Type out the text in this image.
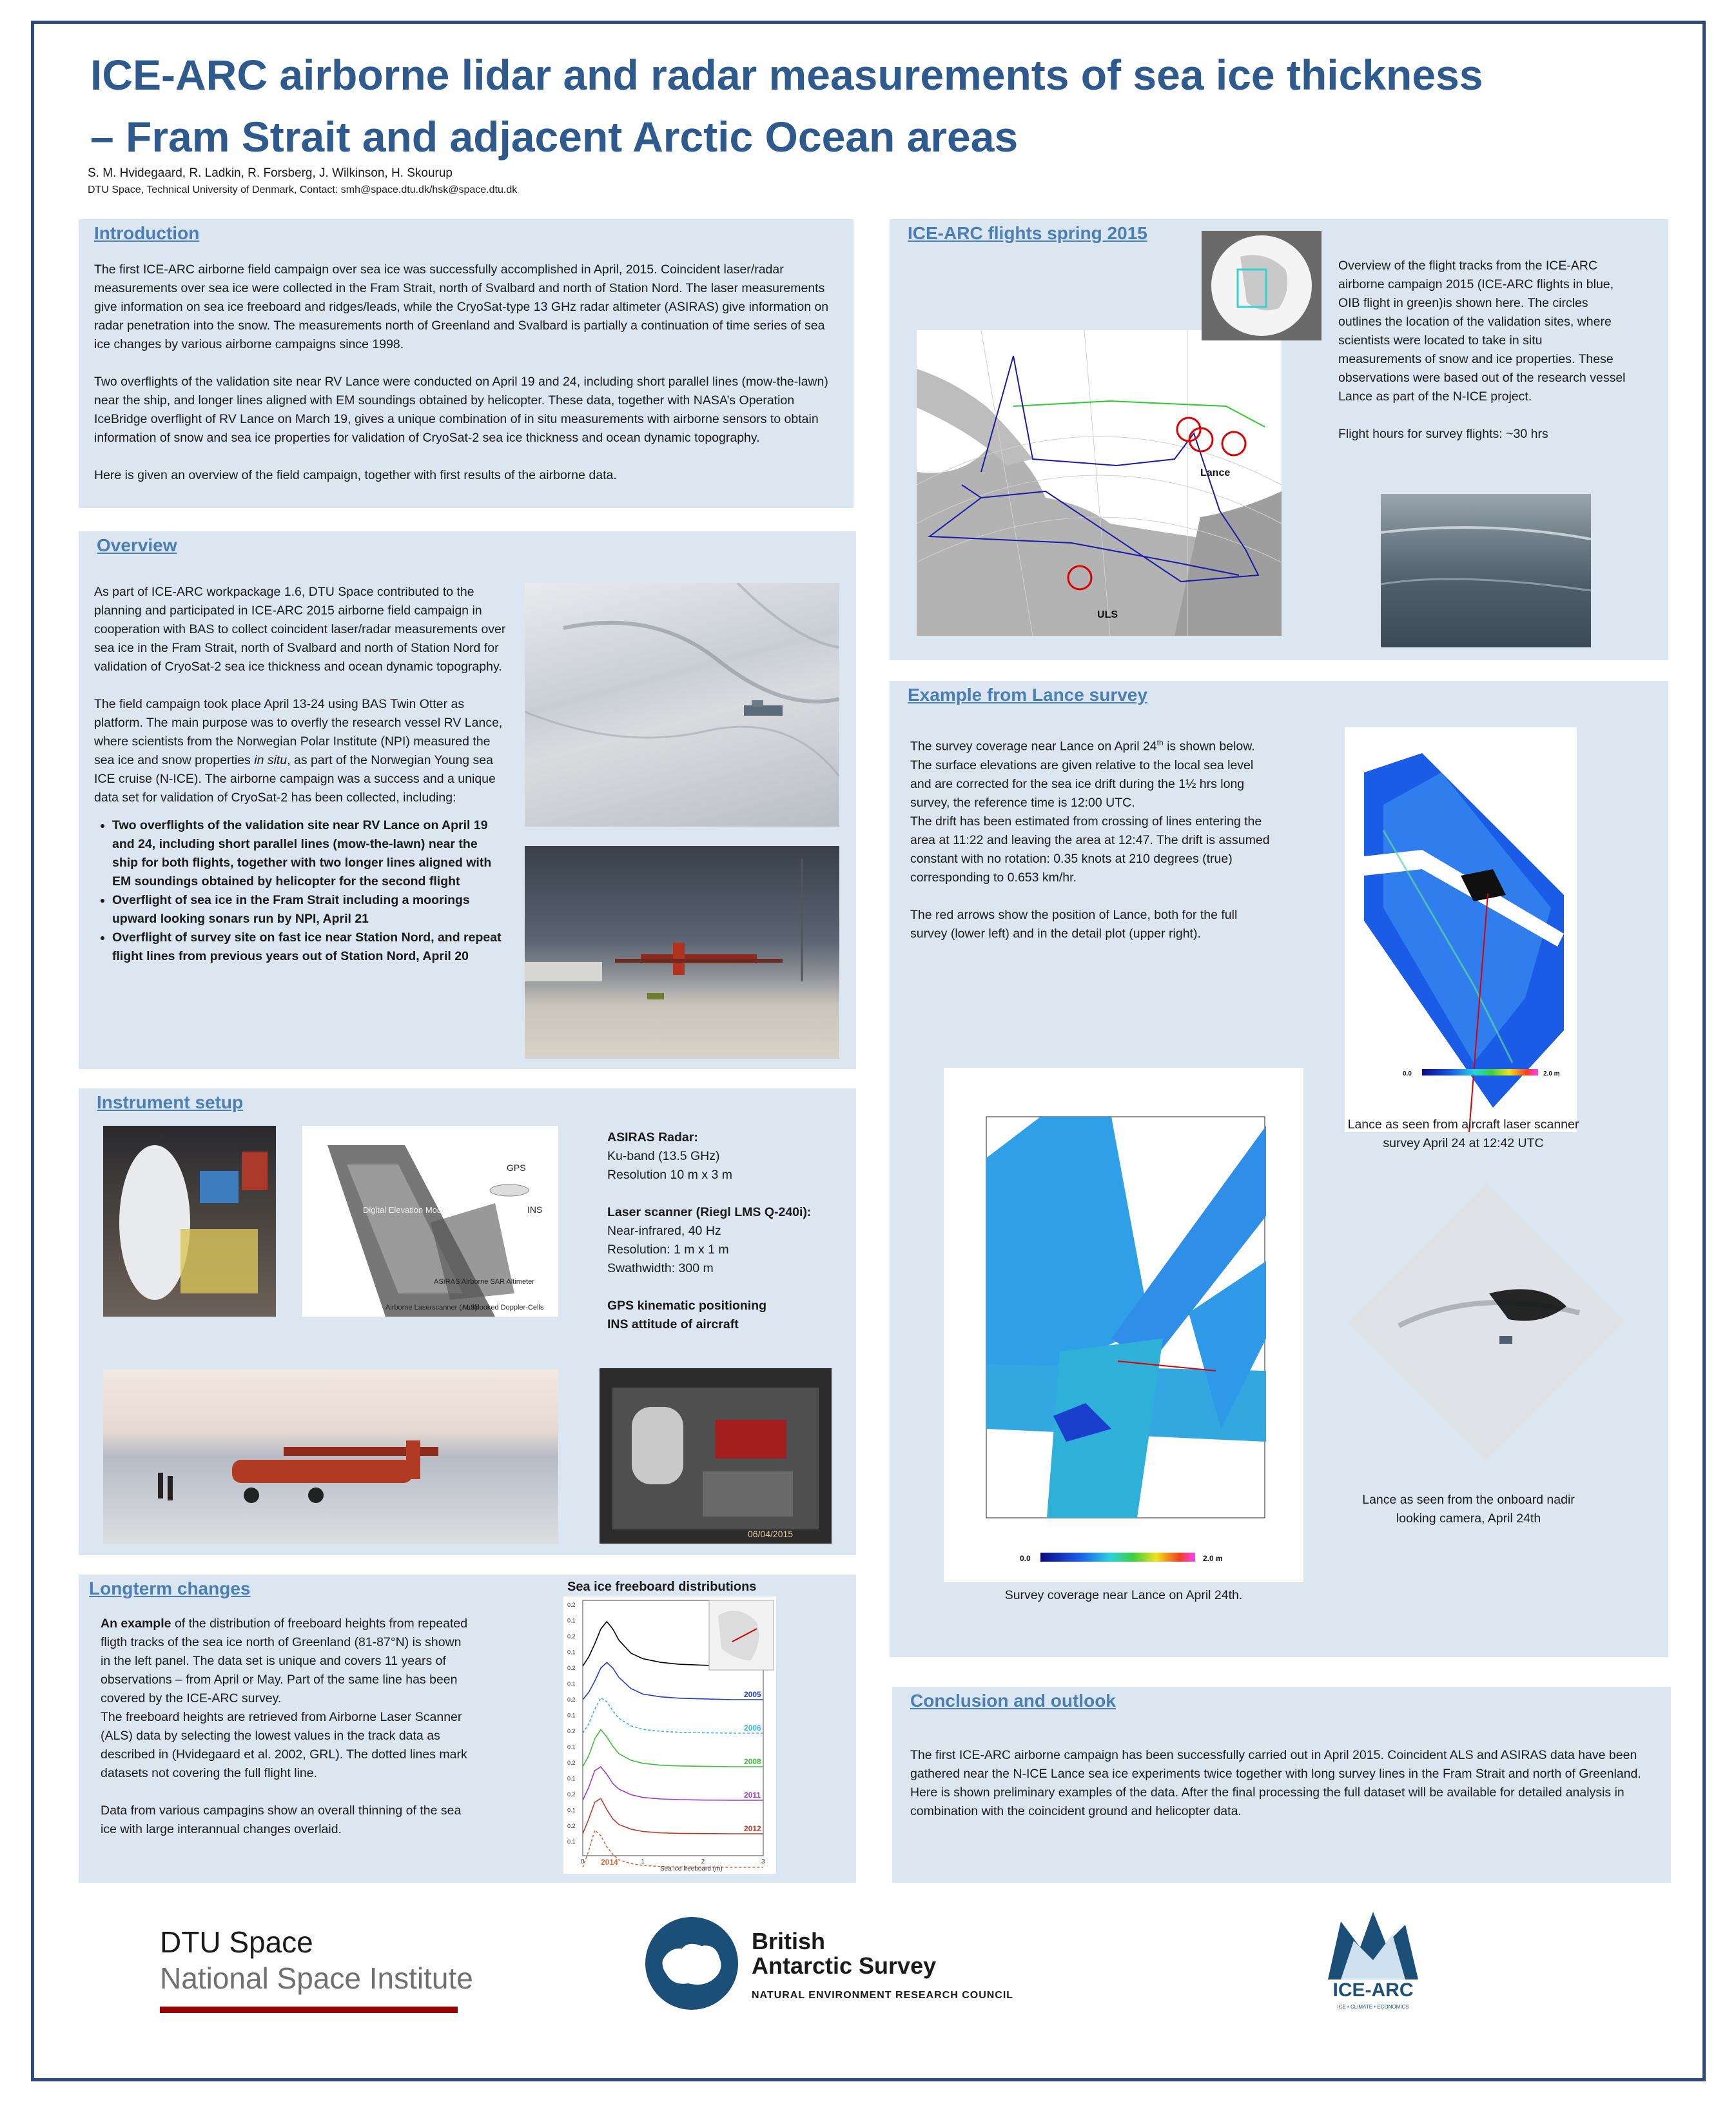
ICE-ARC airborne lidar and radar measurements of sea ice thickness
– Fram Strait and adjacent Arctic Ocean areas
S. M. Hvidegaard, R. Ladkin, R. Forsberg, J. Wilkinson, H. Skourup
DTU Space, Technical University of Denmark, Contact: smh@space.dtu.dk/hsk@space.dtu.dk
Introduction

The first ICE-ARC airborne field campaign over sea ice was successfully accomplished in April, 2015. Coincident laser/radar measurements over sea ice were collected in the Fram Strait, north of Svalbard and north of Station Nord. The laser measurements give information on sea ice freeboard and ridges/leads, while the CryoSat-type 13 GHz radar altimeter (ASIRAS) give information on radar penetration into the snow. The measurements north of Greenland and Svalbard is partially a continuation of time series of sea ice changes by various airborne campaigns since 1998.

Two overflights of the validation site near RV Lance were conducted on April 19 and 24, including short parallel lines (mow-the-lawn) near the ship, and longer lines aligned with EM soundings obtained by helicopter. These data, together with NASA’s Operation IceBridge overflight of RV Lance on March 19, gives a unique combination of in situ measurements with airborne sensors to obtain information of snow and sea ice properties for validation of CryoSat-2 sea ice thickness and ocean dynamic topography.

Here is given an overview of the field campaign, together with first results of the airborne data.

Overview

As part of ICE-ARC workpackage 1.6, DTU Space contributed to the planning and participated in ICE-ARC 2015 airborne field campaign in cooperation with BAS to collect coincident laser/radar measurements over sea ice in the Fram Strait, north of Svalbard and north of Station Nord for validation of CryoSat-2 sea ice thickness and ocean dynamic topography.

The field campaign took place April 13-24 using BAS Twin Otter as platform. The main purpose was to overfly the research vessel RV Lance, where scientists from the Norwegian Polar Institute (NPI) measured the sea ice and snow properties in situ, as part of the Norwegian Young sea ICE cruise (N-ICE). The airborne campaign was a success and a unique data set for validation of CryoSat-2 has been collected, including:

• Two overflights of the validation site near RV Lance on April 19 and 24, including short parallel lines (mow-the-lawn) near the ship for both flights, together with two longer lines aligned with EM soundings obtained by helicopter for the second flight
• Overflight of sea ice in the Fram Strait including a moorings upward looking sonars run by NPI, April 21
• Overflight of survey site on fast ice near Station Nord, and repeat flight lines from previous years out of Station Nord, April 20
Instrument setup
GPS
INS
Digital Elevation Model
ASIRAS Airborne SAR Altimeter
Airborne Laserscanner (ALS)
Multilooked Doppler-Cells
ASIRAS Radar:
Ku-band (13.5 GHz)
Resolution 10 m x 3 m
Laser scanner (Riegl LMS Q-240i):
Near-infrared, 40 Hz
Resolution: 1 m x 1 m
Swathwidth: 300 m
GPS kinematic positioning
INS attitude of aircraft
06/04/2015
Longterm changes

An example of the distribution of freeboard heights from repeated fligth tracks of the sea ice north of Greenland (81-87°N) is shown in the left panel. The data set is unique and covers 11 years of observations – from April or May. Part of the same line has been covered by the ICE-ARC survey.

The freeboard heights are retrieved from Airborne Laser Scanner (ALS) data by selecting the lowest values in the track data as described in (Hvidegaard et al. 2002, GRL). The dotted lines mark datasets not covering the full flight line.

Data from various campagins show an overall thinning of the sea ice with large interannual changes overlaid.

Sea ice freeboard distributions
0.2
0.1
0.2
0.1
0.2
0.1
0.2
0.1
0.2
0.1
0.2
0.1
0.2
0.1
0.2
0.1
2005
2006
2008
2011
2012
2014
0	1	2	3
Sea ice freeboard (m)
ICE-ARC flights spring 2015
Lance
ULS

Overview of the flight tracks from the ICE-ARC airborne campaign 2015 (ICE-ARC flights in blue, OIB flight in green)is shown here. The circles outlines the location of the validation sites, where scientists were located to take in situ measurements of snow and ice properties. These observations were based out of the research vessel Lance as part of the N-ICE project.

Flight hours for survey flights: ~30 hrs

Example from Lance survey

The survey coverage near Lance on April 24th is shown below. The surface elevations are given relative to the local sea level and are corrected for the sea ice drift during the 1½ hrs long survey, the reference time is 12:00 UTC.

The drift has been estimated from crossing of lines entering the area at 11:22 and leaving the area at 12:47. The drift is assumed constant with no rotation: 0.35 knots at 210 degrees (true) corresponding to 0.653 km/hr.

The red arrows show the position of Lance, both for the full survey (lower left) and in the detail plot (upper right).

0.0	2.0 m
Lance as seen from aircraft laser scanner survey April 24 at 12:42 UTC
0.0	2.0 m
Survey coverage near Lance on April 24th.
Lance as seen from the onboard nadir looking camera, April 24th
Conclusion and outlook
The first ICE-ARC airborne campaign has been successfully carried out in April 2015. Coincident ALS and ASIRAS data have been gathered near the N-ICE Lance sea ice experiments twice together with long survey lines in the Fram Strait and north of Greenland. Here is shown preliminary examples of the data. After the final processing the full dataset will be available for detailed analysis in combination with the coincident ground and helicopter data.
DTU Space
National Space Institute
British
Antarctic Survey
NATURAL ENVIRONMENT RESEARCH COUNCIL	ICE-ARC
ICE • CLIMATE • ECONOMICS
